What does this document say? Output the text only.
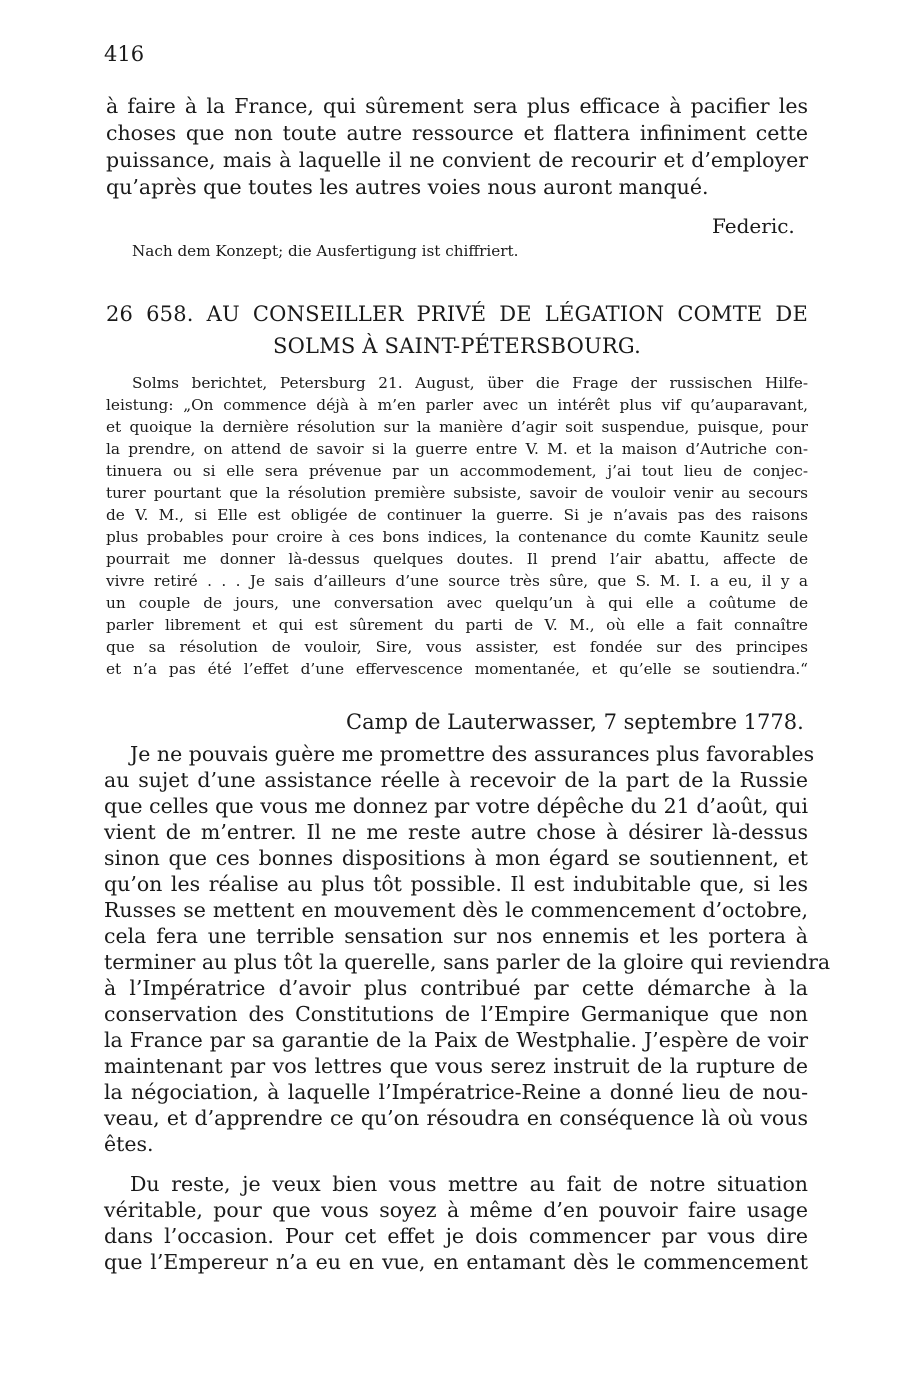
416
à faire à la France, qui sûrement sera plus efficace à pacifier les
choses que non toute autre ressource et flattera infiniment cette
puissance, mais à laquelle il ne convient de recourir et d’employer
qu’après que toutes les autres voies nous auront manqué.
Federic.
Nach dem Konzept; die Ausfertigung ist chiffriert.
26 658. AU CONSEILLER PRIVÉ DE LÉGATION COMTE DE
SOLMS À SAINT-PÉTERSBOURG.
Solms berichtet, Petersburg 21. August, über die Frage der russischen Hilfe-
leistung: „On commence déjà à m’en parler avec un intérêt plus vif qu’auparavant,
et quoique la dernière résolution sur la manière d’agir soit suspendue, puisque, pour
la prendre, on attend de savoir si la guerre entre V. M. et la maison d’Autriche con-
tinuera ou si elle sera prévenue par un accommodement, j’ai tout lieu de conjec-
turer pourtant que la résolution première subsiste, savoir de vouloir venir au secours
de V. M., si Elle est obligée de continuer la guerre. Si je n’avais pas des raisons
plus probables pour croire à ces bons indices, la contenance du comte Kaunitz seule
pourrait me donner là-dessus quelques doutes. Il prend l’air abattu, affecte de
vivre retiré . . . Je sais d’ailleurs d’une source très sûre, que S. M. I. a eu, il y a
un couple de jours, une conversation avec quelqu’un à qui elle a coûtume de
parler librement et qui est sûrement du parti de V. M., où elle a fait connaître
que sa résolution de vouloir, Sire, vous assister, est fondée sur des principes
et n’a pas été l’effet d’une effervescence momentanée, et qu’elle se soutiendra.“
Camp de Lauterwasser, 7 septembre 1778.
Je ne pouvais guère me promettre des assurances plus favorables
au sujet d’une assistance réelle à recevoir de la part de la Russie
que celles que vous me donnez par votre dépêche du 21 d’août, qui
vient de m’entrer. Il ne me reste autre chose à désirer là-dessus
sinon que ces bonnes dispositions à mon égard se soutiennent, et
qu’on les réalise au plus tôt possible. Il est indubitable que, si les
Russes se mettent en mouvement dès le commencement d’octobre,
cela fera une terrible sensation sur nos ennemis et les portera à
terminer au plus tôt la querelle, sans parler de la gloire qui reviendra
à l’Impératrice d’avoir plus contribué par cette démarche à la
conservation des Constitutions de l’Empire Germanique que non
la France par sa garantie de la Paix de Westphalie. J’espère de voir
maintenant par vos lettres que vous serez instruit de la rupture de
la négociation, à laquelle l’Impératrice-Reine a donné lieu de nou-
veau, et d’apprendre ce qu’on résoudra en conséquence là où vous
êtes.
Du reste, je veux bien vous mettre au fait de notre situation
véritable, pour que vous soyez à même d’en pouvoir faire usage
dans l’occasion. Pour cet effet je dois commencer par vous dire
que l’Empereur n’a eu en vue, en entamant dès le commencement
